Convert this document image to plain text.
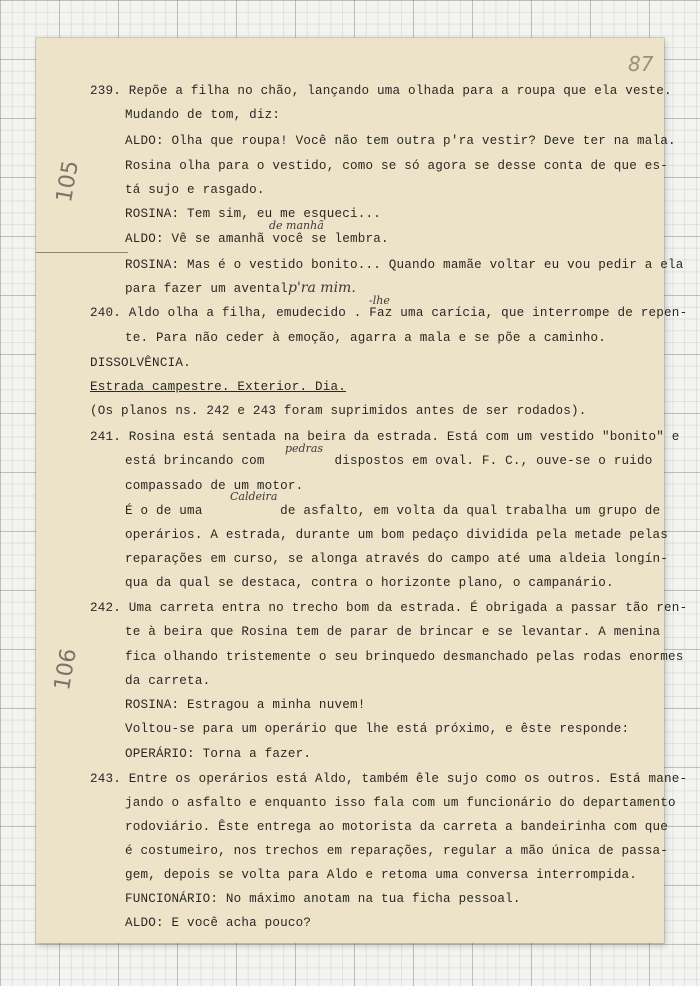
87
105
106
239. Repõe a filha no chão, lançando uma olhada para a roupa que ela veste.
Mudando de tom, diz:
ALDO: Olha que roupa! Você não tem outra p'ra vestir? Deve ter na mala.
Rosina olha para o vestido, como se só agora se desse conta de que es-
tá sujo e rasgado.
ROSINA: Tem sim, eu me esqueci...
de manhã
ALDO: Vê se amanhã você se lembra.
ROSINA: Mas é o vestido bonito... Quando mamãe voltar eu vou pedir a ela
para fazer um avental p'ra mim.
-lhe
240. Aldo olha a filha, emudecido . Faz uma carícia, que interrompe de repen-
te. Para não ceder à emoção, agarra a mala e se põe a caminho.
DISSOLVÊNCIA.
Estrada campestre. Exterior. Dia.
(Os planos ns. 242 e 243 foram suprimidos antes de ser rodados).
241. Rosina está sentada na beira da estrada. Está com um vestido "bonito" e
pedras
está brincando com         dispostos em oval. F. C., ouve-se o ruido
compassado de um motor.
Caldeira
É o de uma          de asfalto, em volta da qual trabalha um grupo de
operários. A estrada, durante um bom pedaço dividida pela metade pelas
reparações em curso, se alonga através do campo até uma aldeia longín-
qua da qual se destaca, contra o horizonte plano, o campanário.
242. Uma carreta entra no trecho bom da estrada. É obrigada a passar tão ren-
te à beira que Rosina tem de parar de brincar e se levantar. A menina
fica olhando tristemente o seu brinquedo desmanchado pelas rodas enormes
da carreta.
ROSINA: Estragou a minha nuvem!
Voltou-se para um operário que lhe está próximo, e êste responde:
OPERÁRIO: Torna a fazer.
243. Entre os operários está Aldo, também êle sujo como os outros. Está mane-
jando o asfalto e enquanto isso fala com um funcionário do departamento
rodoviário. Êste entrega ao motorista da carreta a bandeirinha com que
é costumeiro, nos trechos em reparações, regular a mão única de passa-
gem, depois se volta para Aldo e retoma uma conversa interrompida.
FUNCIONÁRIO: No máximo anotam na tua ficha pessoal.
ALDO: E você acha pouco?
